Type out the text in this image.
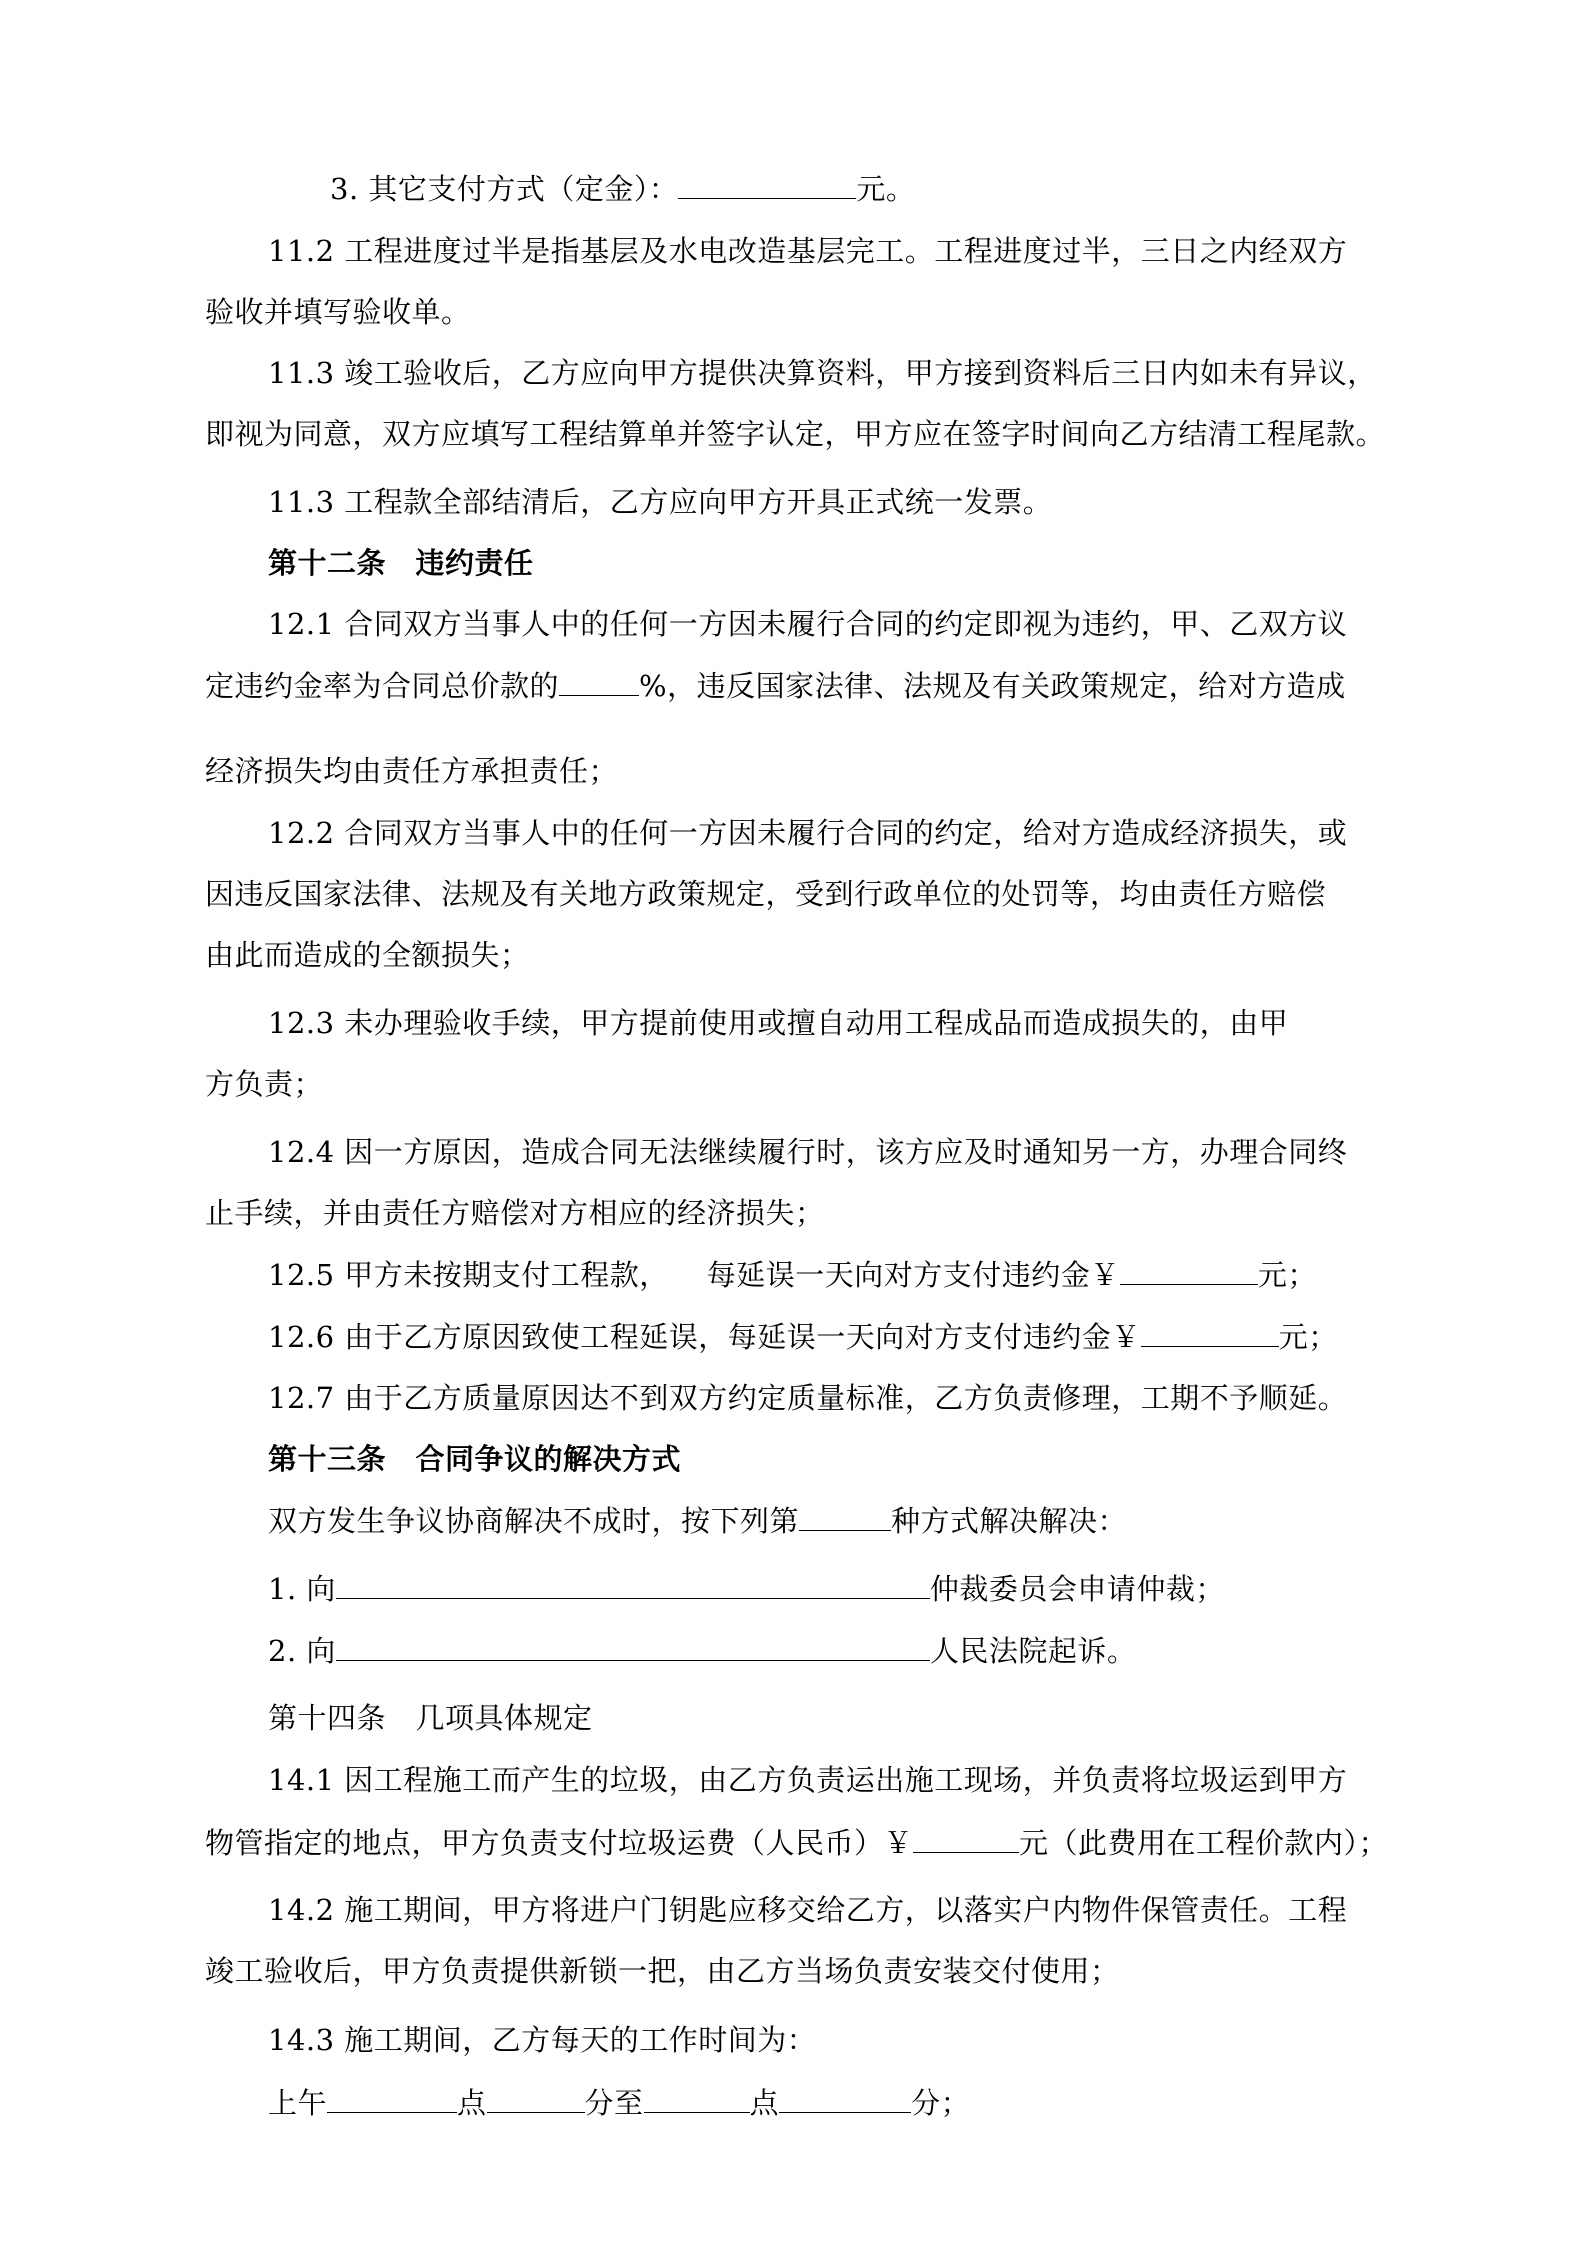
3. 其它支付方式（定金）：	元。
11.2 工程进度过半是指基层及水电改造基层完工。工程进度过半，三日之内经双方
验收并填写验收单。
11.3 竣工验收后，乙方应向甲方提供决算资料，甲方接到资料后三日内如未有异议，
即视为同意，双方应填写工程结算单并签字认定，甲方应在签字时间向乙方结清工程尾款。
11.3 工程款全部结清后，乙方应向甲方开具正式统一发票。
第十二条　违约责任
12.1 合同双方当事人中的任何一方因未履行合同的约定即视为违约，甲、乙双方议
定违约金率为合同总价款的	%，违反国家法律、法规及有关政策规定，给对方造成
经济损失均由责任方承担责任；
12.2 合同双方当事人中的任何一方因未履行合同的约定，给对方造成经济损失，或
因违反国家法律、法规及有关地方政策规定，受到行政单位的处罚等，均由责任方赔偿
由此而造成的全额损失；
12.3 未办理验收手续，甲方提前使用或擅自动用工程成品而造成损失的，由甲
方负责；
12.4 因一方原因，造成合同无法继续履行时，该方应及时通知另一方，办理合同终
止手续，并由责任方赔偿对方相应的经济损失；
12.5 甲方未按期支付工程款， 每延误一天向对方支付违约金￥	元；
12.6 由于乙方原因致使工程延误，每延误一天向对方支付违约金￥	元；
12.7 由于乙方质量原因达不到双方约定质量标准，乙方负责修理，工期不予顺延。
第十三条　合同争议的解决方式
双方发生争议协商解决不成时，按下列第	种方式解决解决：
1. 向	仲裁委员会申请仲裁；
2. 向	人民法院起诉。
第十四条　几项具体规定
14.1 因工程施工而产生的垃圾，由乙方负责运出施工现场，并负责将垃圾运到甲方
物管指定的地点，甲方负责支付垃圾运费（人民币）￥	元（此费用在工程价款内）；
14.2 施工期间，甲方将进户门钥匙应移交给乙方，以落实户内物件保管责任。工程
竣工验收后，甲方负责提供新锁一把，由乙方当场负责安装交付使用；
14.3 施工期间，乙方每天的工作时间为：
上午	点	分至	点	分；
